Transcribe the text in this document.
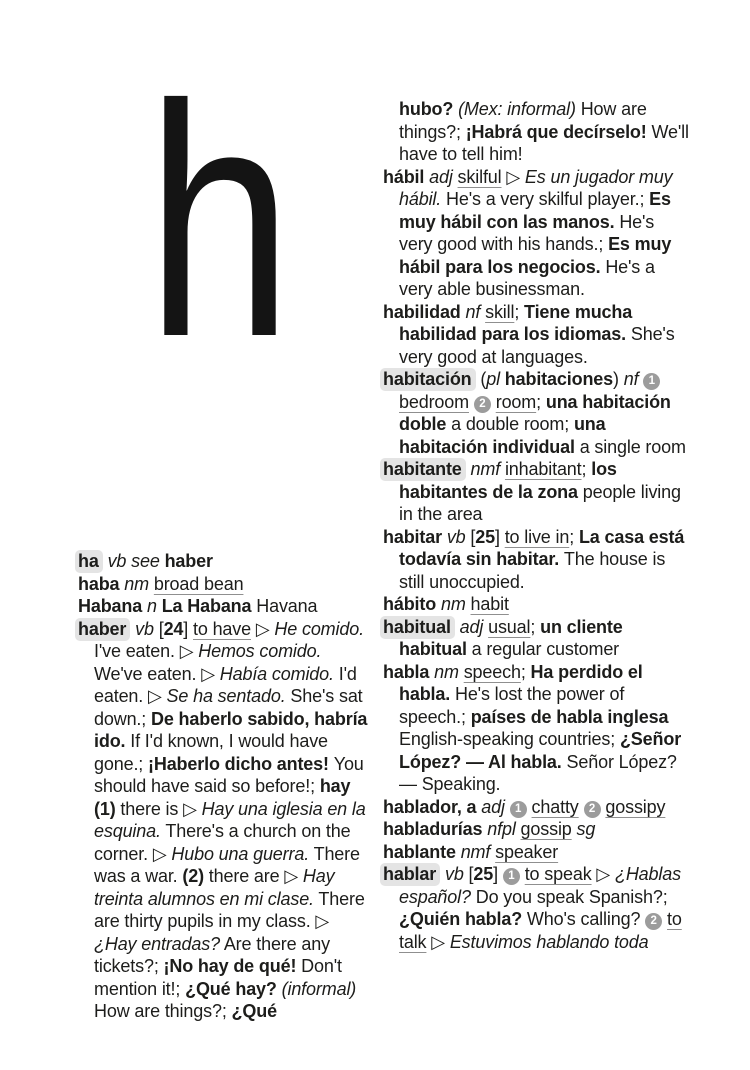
h

ha vb see haber

haba nm broad bean

Habana n La Habana Havana

haber vb [24] to have ▷ He comido. I've eaten. ▷ Hemos comido. We've eaten. ▷ Había comido. I'd eaten. ▷ Se ha sentado. She's sat down.; De haberlo sabido, habría ido. If I'd known, I would have gone.; ¡Haberlo dicho antes! You should have said so before!; hay (1) there is ▷ Hay una iglesia en la esquina. There's a church on the corner. ▷ Hubo una guerra. There was a war. (2) there are ▷ Hay treinta alumnos en mi clase. There are thirty pupils in my class. ▷ ¿Hay entradas? Are there any tickets?; ¡No hay de qué! Don't mention it!; ¿Qué hay? (informal) How are things?; ¿Qué

hubo? (Mex: informal) How are things?; ¡Habrá que decírselo! We'll have to tell him!

hábil adj skilful ▷ Es un jugador muy hábil. He's a very skilful player.; Es muy hábil con las manos. He's very good with his hands.; Es muy hábil para los negocios. He's a very able businessman.

habilidad nf skill; Tiene mucha habilidad para los idiomas. She's very good at languages.

habitación (pl habitaciones) nf 1 bedroom 2 room; una habitación doble a double room; una habitación individual a single room

habitante nmf inhabitant; los habitantes de la zona people living in the area

habitar vb [25] to live in; La casa está todavía sin habitar. The house is still unoccupied.

hábito nm habit

habitual adj usual; un cliente habitual a regular customer

habla nm speech; Ha perdido el habla. He's lost the power of speech.; países de habla inglesa English-speaking countries; ¿Señor López? — Al habla. Señor López? — Speaking.

hablador, a adj 1 chatty 2 gossipy

habladurías nfpl gossip sg

hablante nmf speaker

hablar vb [25] 1 to speak ▷ ¿Hablas español? Do you speak Spanish?; ¿Quién habla? Who's calling? 2 to talk ▷ Estuvimos hablando toda
